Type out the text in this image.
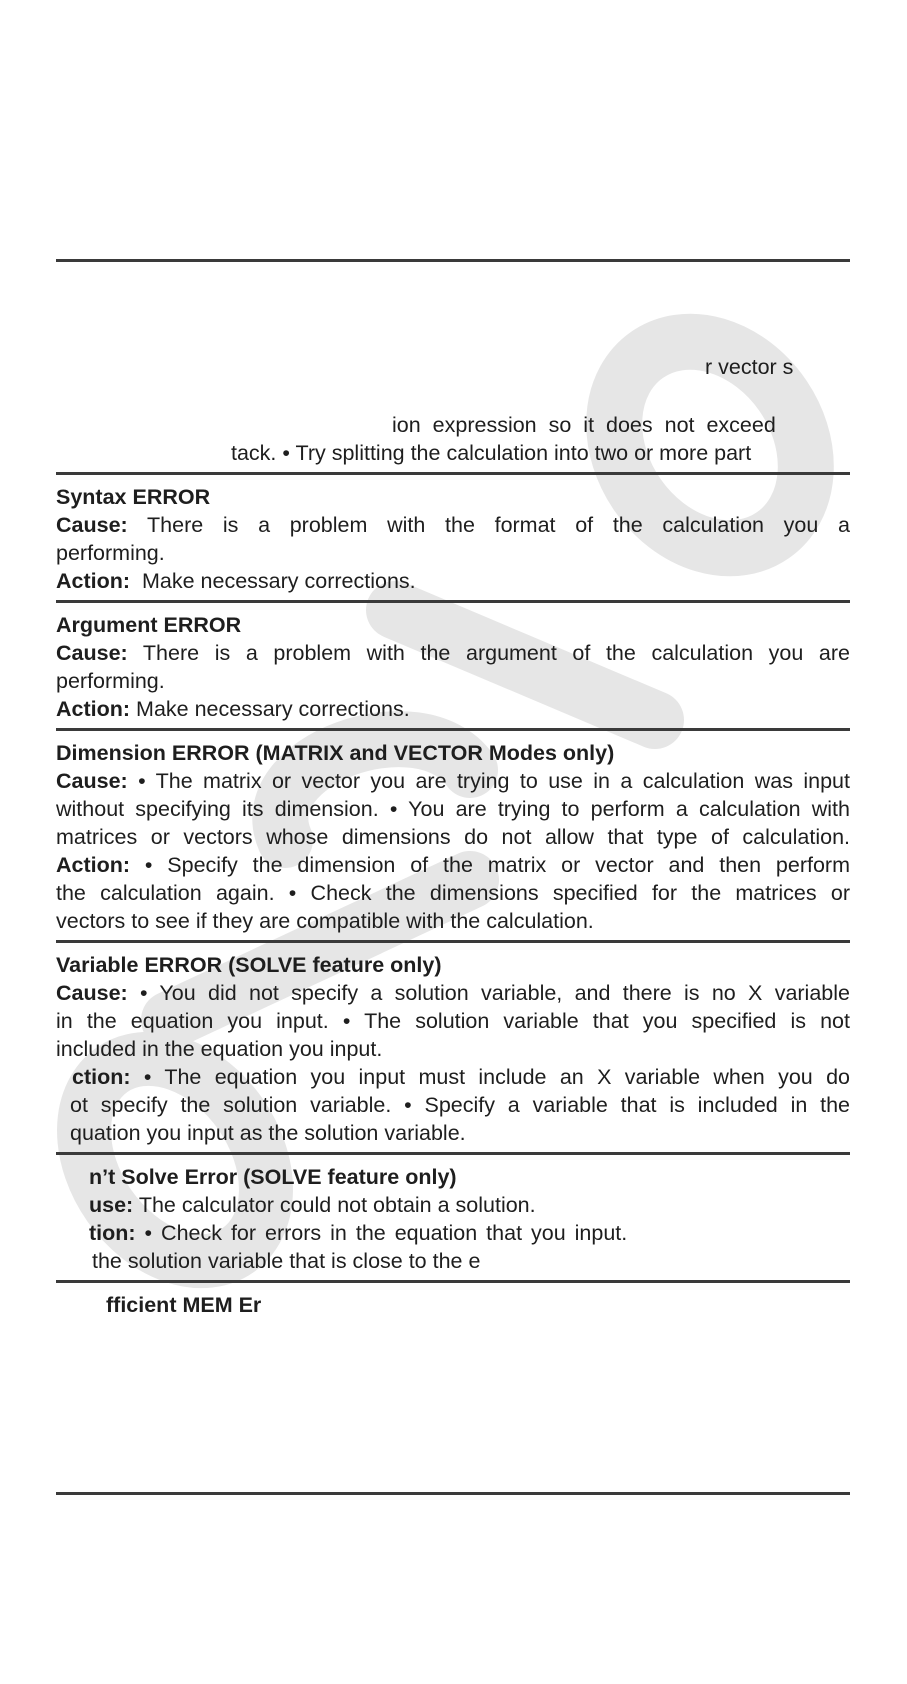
r vector s
ion expression so it does not exceed
tack. • Try splitting the calculation into two or more part
Syntax ERROR
Cause: There is a problem with the format of the calculation you a
performing.
Action: Make necessary corrections.
Argument ERROR
Cause: There is a problem with the argument of the calculation you are
performing.
Action: Make necessary corrections.
Dimension ERROR (MATRIX and VECTOR Modes only)
Cause: • The matrix or vector you are trying to use in a calculation was input
without specifying its dimension. • You are trying to perform a calculation with
matrices or vectors whose dimensions do not allow that type of calculation.
Action: • Specify the dimension of the matrix or vector and then perform
the calculation again. • Check the dimensions specified for the matrices or
vectors to see if they are compatible with the calculation.
Variable ERROR (SOLVE feature only)
Cause: • You did not specify a solution variable, and there is no X variable
in the equation you input. • The solution variable that you specified is not
included in the equation you input.
ction: • The equation you input must include an X variable when you do
ot specify the solution variable. • Specify a variable that is included in the
quation you input as the solution variable.
n’t Solve Error (SOLVE feature only)
use: The calculator could not obtain a solution.
tion: • Check for errors in the equation that you input.
the solution variable that is close to the e
fficient MEM Er
